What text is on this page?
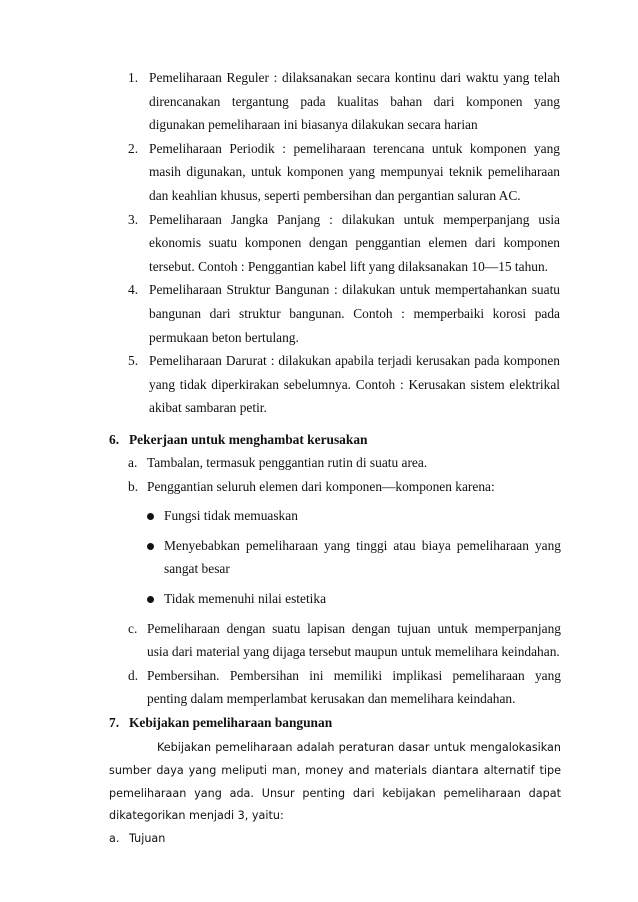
1. Pemeliharaan Reguler : dilaksanakan secara kontinu dari waktu yang telah direncanakan tergantung pada kualitas bahan dari komponen yang digunakan pemeliharaan ini biasanya dilakukan secara harian
2. Pemeliharaan Periodik : pemeliharaan terencana untuk komponen yang masih digunakan, untuk komponen yang mempunyai teknik pemeliharaan dan keahlian khusus, seperti pembersihan dan pergantian saluran AC.
3. Pemeliharaan Jangka Panjang : dilakukan untuk memperpanjang usia ekonomis suatu komponen dengan penggantian elemen dari komponen tersebut. Contoh : Penggantian kabel lift yang dilaksanakan 10—15 tahun.
4. Pemeliharaan Struktur Bangunan : dilakukan untuk mempertahankan suatu bangunan dari struktur bangunan. Contoh : memperbaiki korosi pada permukaan beton bertulang.
5. Pemeliharaan Darurat : dilakukan apabila terjadi kerusakan pada komponen yang tidak diperkirakan sebelumnya. Contoh : Kerusakan sistem elektrikal akibat sambaran petir.
6. Pekerjaan untuk menghambat kerusakan
a. Tambalan, termasuk penggantian rutin di suatu area.
b. Penggantian seluruh elemen dari komponen—komponen karena:
Fungsi tidak memuaskan
Menyebabkan pemeliharaan yang tinggi atau biaya pemeliharaan yang sangat besar
Tidak memenuhi nilai estetika
c. Pemeliharaan dengan suatu lapisan dengan tujuan untuk memperpanjang usia dari material yang dijaga tersebut maupun untuk memelihara keindahan.
d. Pembersihan. Pembersihan ini memiliki implikasi pemeliharaan yang penting dalam memperlambat kerusakan dan memelihara keindahan.
7. Kebijakan pemeliharaan bangunan
Kebijakan pemeliharaan adalah peraturan dasar untuk mengalokasikan sumber daya yang meliputi man, money and materials diantara alternatif tipe pemeliharaan yang ada. Unsur penting dari kebijakan pemeliharaan dapat dikategorikan menjadi 3, yaitu:
a. Tujuan
